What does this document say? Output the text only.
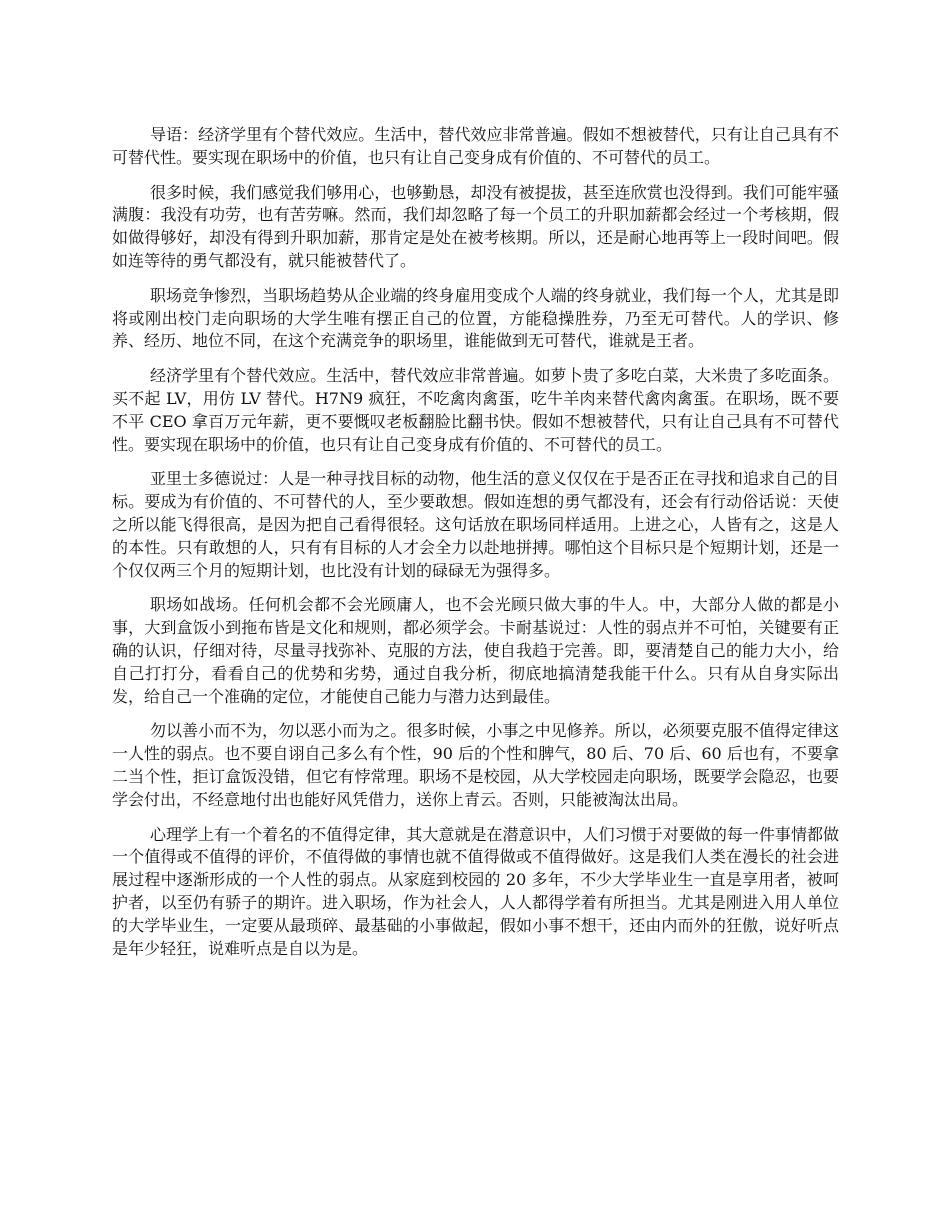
导语：经济学里有个替代效应。生活中，替代效应非常普遍。假如不想被替代，只有让自己具有不可替代性。要实现在职场中的价值，也只有让自己变身成有价值的、不可替代的员工。

很多时候，我们感觉我们够用心，也够勤恳，却没有被提拔，甚至连欣赏也没得到。我们可能牢骚满腹：我没有功劳，也有苦劳嘛。然而，我们却忽略了每一个员工的升职加薪都会经过一个考核期，假如做得够好，却没有得到升职加薪，那肯定是处在被考核期。所以，还是耐心地再等上一段时间吧。假如连等待的勇气都没有，就只能被替代了。

职场竞争惨烈，当职场趋势从企业端的终身雇用变成个人端的终身就业，我们每一个人，尤其是即将或刚出校门走向职场的大学生唯有摆正自己的位置，方能稳操胜券，乃至无可替代。人的学识、修养、经历、地位不同，在这个充满竞争的职场里，谁能做到无可替代，谁就是王者。

经济学里有个替代效应。生活中，替代效应非常普遍。如萝卜贵了多吃白菜，大米贵了多吃面条。买不起 LV，用仿 LV 替代。H7N9 疯狂，不吃禽肉禽蛋，吃牛羊肉来替代禽肉禽蛋。在职场，既不要不平 CEO 拿百万元年薪，更不要慨叹老板翻脸比翻书快。假如不想被替代，只有让自己具有不可替代性。要实现在职场中的价值，也只有让自己变身成有价值的、不可替代的员工。

亚里士多德说过：人是一种寻找目标的动物，他生活的意义仅仅在于是否正在寻找和追求自己的目标。要成为有价值的、不可替代的人，至少要敢想。假如连想的勇气都没有，还会有行动俗话说：天使之所以能飞得很高，是因为把自己看得很轻。这句话放在职场同样适用。上进之心，人皆有之，这是人的本性。只有敢想的人，只有有目标的人才会全力以赴地拼搏。哪怕这个目标只是个短期计划，还是一个仅仅两三个月的短期计划，也比没有计划的碌碌无为强得多。

职场如战场。任何机会都不会光顾庸人，也不会光顾只做大事的牛人。中，大部分人做的都是小事，大到盒饭小到拖布皆是文化和规则，都必须学会。卡耐基说过：人性的弱点并不可怕，关键要有正确的认识，仔细对待，尽量寻找弥补、克服的方法，使自我趋于完善。即，要清楚自己的能力大小，给自己打打分，看看自己的优势和劣势，通过自我分析，彻底地搞清楚我能干什么。只有从自身实际出发，给自己一个准确的定位，才能使自己能力与潜力达到最佳。

勿以善小而不为，勿以恶小而为之。很多时候，小事之中见修养。所以，必须要克服不值得定律这一人性的弱点。也不要自诩自己多么有个性，90 后的个性和脾气，80 后、70 后、60 后也有，不要拿二当个性，拒订盒饭没错，但它有悖常理。职场不是校园，从大学校园走向职场，既要学会隐忍，也要学会付出，不经意地付出也能好风凭借力，送你上青云。否则，只能被淘汰出局。

心理学上有一个着名的不值得定律，其大意就是在潜意识中，人们习惯于对要做的每一件事情都做一个值得或不值得的评价，不值得做的事情也就不值得做或不值得做好。这是我们人类在漫长的社会进展过程中逐渐形成的一个人性的弱点。从家庭到校园的 20 多年，不少大学毕业生一直是享用者，被呵护者，以至仍有骄子的期许。进入职场，作为社会人，人人都得学着有所担当。尤其是刚进入用人单位的大学毕业生，一定要从最琐碎、最基础的小事做起，假如小事不想干，还由内而外的狂傲，说好听点是年少轻狂，说难听点是自以为是。
